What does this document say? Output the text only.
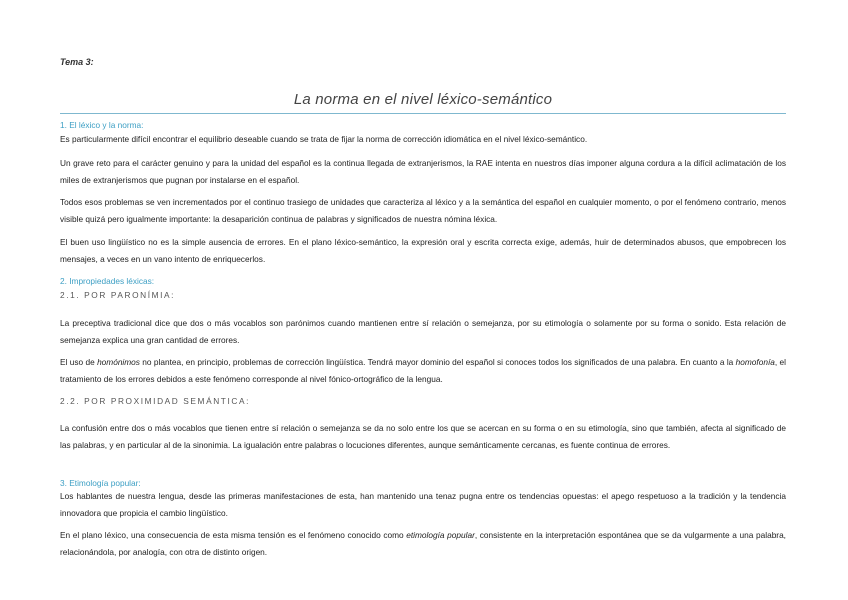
Tema 3:
La norma en el nivel léxico-semántico
1. El léxico y la norma:
Es particularmente difícil encontrar el equilibrio deseable cuando se trata de fijar la norma de corrección idiomática en el nivel léxico-semántico.
Un grave reto para el carácter genuino y para la unidad del español es la continua llegada de extranjerismos, la RAE intenta en nuestros días imponer alguna cordura a la difícil aclimatación de los miles de extranjerismos que pugnan por instalarse en el español.
Todos esos problemas se ven incrementados por el continuo trasiego de unidades que caracteriza al léxico y a la semántica del español en cualquier momento, o por el fenómeno contrario, menos visible quizá pero igualmente importante: la desaparición continua de palabras y significados de nuestra nómina léxica.
El buen uso lingüístico no es la simple ausencia de errores. En el plano léxico-semántico, la expresión oral y escrita correcta exige, además, huir de determinados abusos, que empobrecen los mensajes, a veces en un vano intento de enriquecerlos.
2. Impropiedades léxicas:
2.1. POR PARONÍMIA:
La preceptiva tradicional dice que dos o más vocablos son parónimos cuando mantienen entre sí relación o semejanza, por su etimología o solamente por su forma o sonido. Esta relación de semejanza explica una gran cantidad de errores.
El uso de homónimos no plantea, en principio, problemas de corrección lingüística. Tendrá mayor dominio del español si conoces todos los significados de una palabra. En cuanto a la homofonía, el tratamiento de los errores debidos a este fenómeno corresponde al nivel fónico-ortográfico de la lengua.
2.2. POR PROXIMIDAD SEMÁNTICA:
La confusión entre dos o más vocablos que tienen entre sí relación o semejanza se da no solo entre los que se acercan en su forma o en su etimología, sino que también, afecta al significado de las palabras, y en particular al de la sinonimia. La igualación entre palabras o locuciones diferentes, aunque semánticamente cercanas, es fuente continua de errores.
3. Etimología popular:
Los hablantes de nuestra lengua, desde las primeras manifestaciones de esta, han mantenido una tenaz pugna entre os tendencias opuestas: el apego respetuoso a la tradición y la tendencia innovadora que propicia el cambio lingüístico.
En el plano léxico, una consecuencia de esta misma tensión es el fenómeno conocido como etimología popular, consistente en la interpretación espontánea que se da vulgarmente a una palabra, relacionándola, por analogía, con otra de distinto origen.
